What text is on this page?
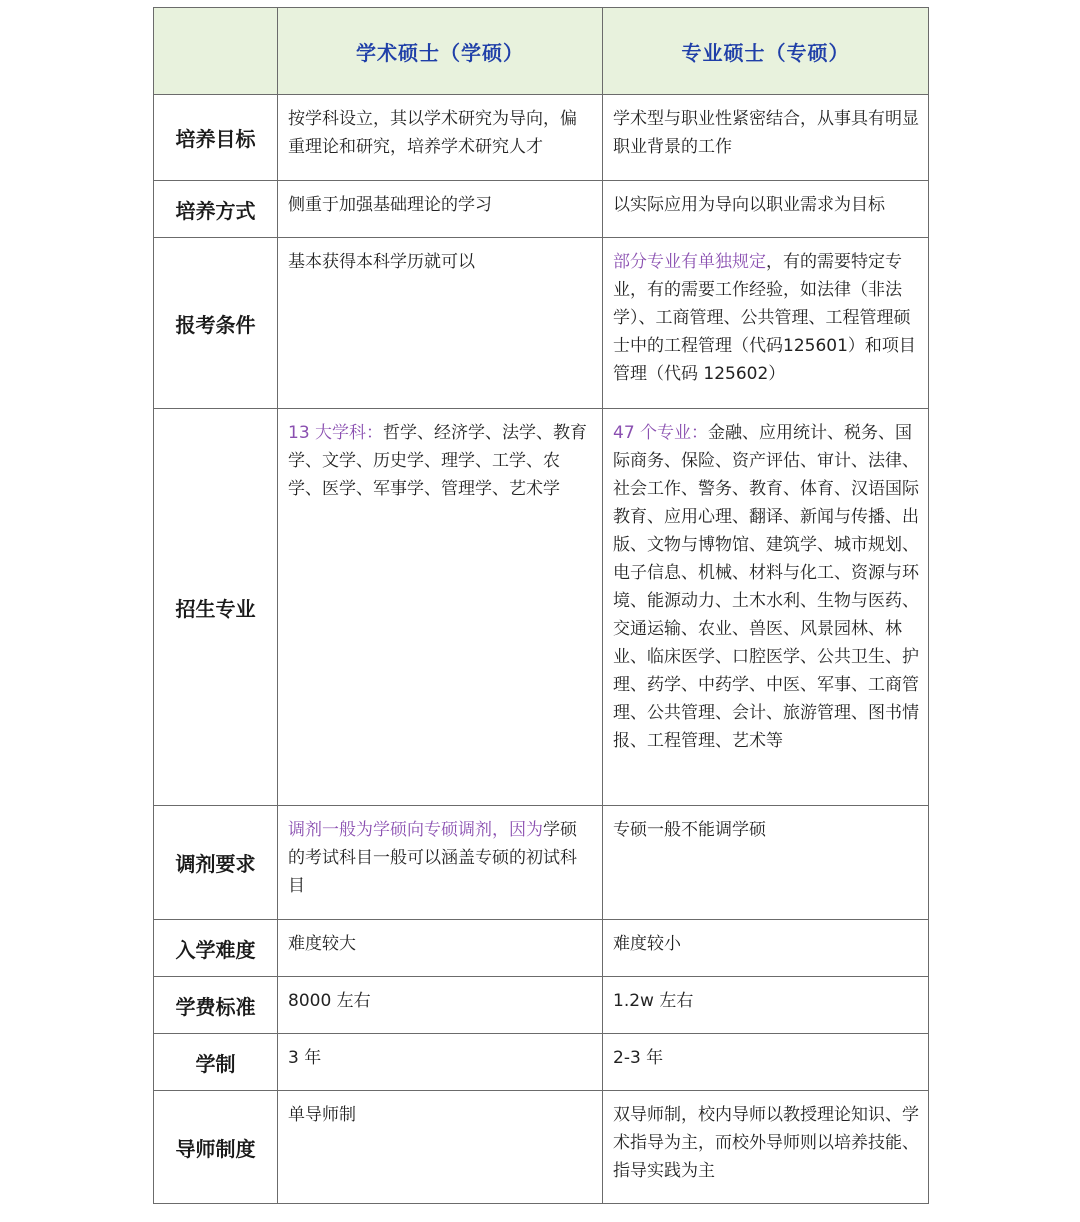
	学术硕士（学硕）	专业硕士（专硕）
培养目标	按学科设立，其以学术研究为导向，偏重理论和研究，培养学术研究人才	学术型与职业性紧密结合，从事具有明显职业背景的工作
培养方式	侧重于加强基础理论的学习	以实际应用为导向以职业需求为目标
报考条件	基本获得本科学历就可以	部分专业有单独规定，有的需要特定专业，有的需要工作经验，如法律（非法学）、工商管理、公共管理、工程管理硕士中的工程管理（代码125601）和项目管理（代码 125602）
招生专业	13 大学科：哲学、经济学、法学、教育学、文学、历史学、理学、工学、农学、医学、军事学、管理学、艺术学	47 个专业：金融、应用统计、税务、国际商务、保险、资产评估、审计、法律、社会工作、警务、教育、体育、汉语国际教育、应用心理、翻译、新闻与传播、出版、文物与博物馆、建筑学、城市规划、电子信息、机械、材料与化工、资源与环境、能源动力、土木水利、生物与医药、交通运输、农业、兽医、风景园林、林业、临床医学、口腔医学、公共卫生、护理、药学、中药学、中医、军事、工商管理、公共管理、会计、旅游管理、图书情报、工程管理、艺术等
调剂要求	调剂一般为学硕向专硕调剂，因为学硕的考试科目一般可以涵盖专硕的初试科目	专硕一般不能调学硕
入学难度	难度较大	难度较小
学费标准	8000 左右	1.2w 左右
学制	3 年	2-3 年
导师制度	单导师制	双导师制，校内导师以教授理论知识、学术指导为主，而校外导师则以培养技能、指导实践为主
